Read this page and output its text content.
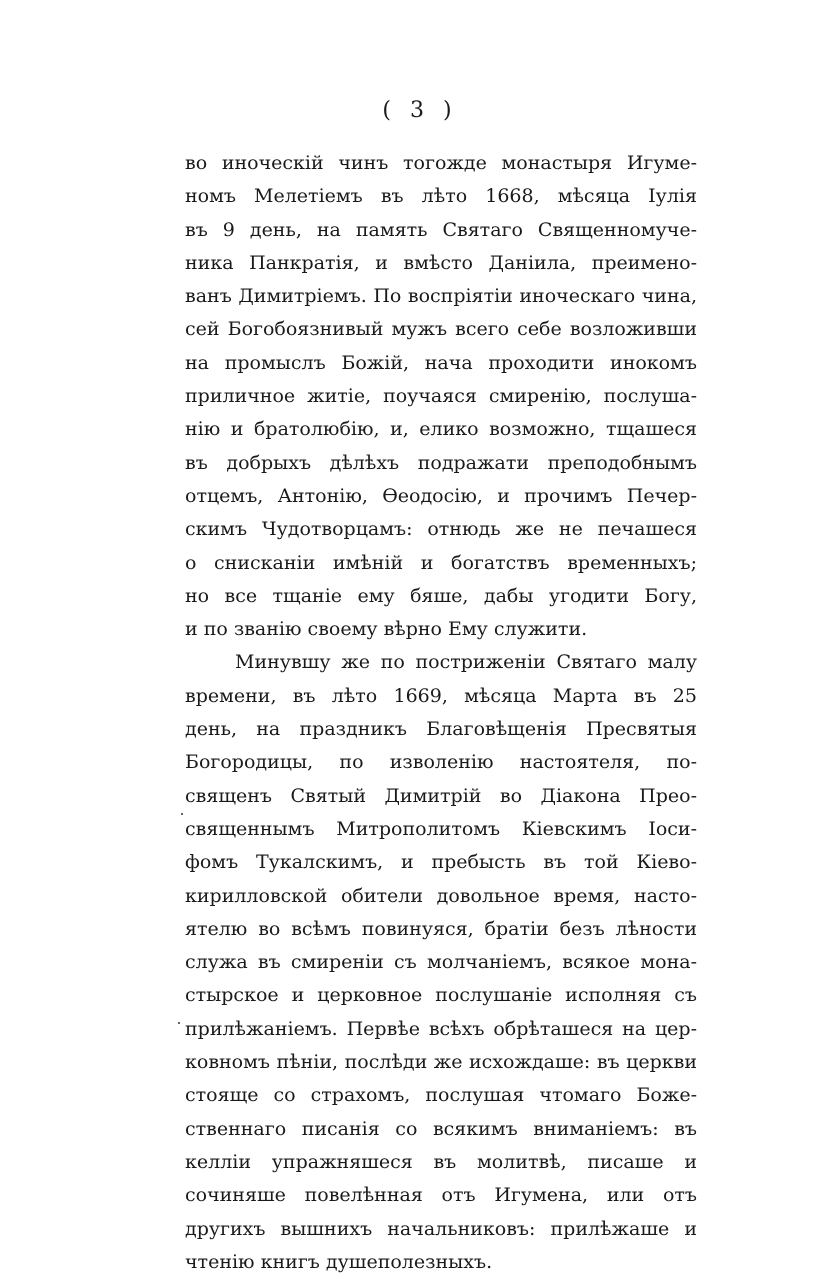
( 3 )
во иноческій чинъ тогожде монастыря Игуме-
номъ Мелетіемъ въ лѣто 1668, мѣсяца Іулія
въ 9 день, на память Святаго Священномуче-
ника Панкратія, и вмѣсто Даніила, преимено-
ванъ Димитріемъ. По воспріятіи иноческаго чина,
сей Богобоязнивый мужъ всего себе возложивши
на промыслъ Божій, нача проходити инокомъ
приличное житіе, поучаяся смиренію, послуша-
нію и братолюбію, и, елико возможно, тщашеся
въ добрыхъ дѣлѣхъ подражати преподобнымъ
отцемъ, Антонію, Ѳеодосію, и прочимъ Печер-
скимъ Чудотворцамъ: отнюдь же не печашеся
о снисканіи имѣній и богатствъ временныхъ;
но все тщаніе ему бяше, дабы угодити Богу,
и по званію своему вѣрно Ему служити.
Минувшу же по постриженіи Святаго малу
времени, въ лѣто 1669, мѣсяца Марта въ 25
день, на праздникъ Благовѣщенія Пресвятыя
Богородицы, по изволенію настоятеля, по-
священъ Святый Димитрій во Діакона Прео-
священнымъ Митрополитомъ Кіевскимъ Іоси-
фомъ Тукалскимъ, и пребысть въ той Кіево-
кирилловской обители довольное время, насто-
ятелю во всѣмъ повинуяся, братіи безъ лѣности
служа въ смиреніи съ молчаніемъ, всякое мона-
стырское и церковное послушаніе исполняя съ
прилѣжаніемъ. Первѣе всѣхъ обрѣташеся на цер-
ковномъ пѣніи, послѣди же исхождаше: въ церкви
стояще со страхомъ, послушая чтомаго Боже-
ственнаго писанія со всякимъ вниманіемъ: въ
келліи упражняшеся въ молитвѣ, писаше и
сочиняше повелѣнная отъ Игумена, или отъ
другихъ вышнихъ начальниковъ: прилѣжаше и
чтенію книгъ душеполезныхъ.
